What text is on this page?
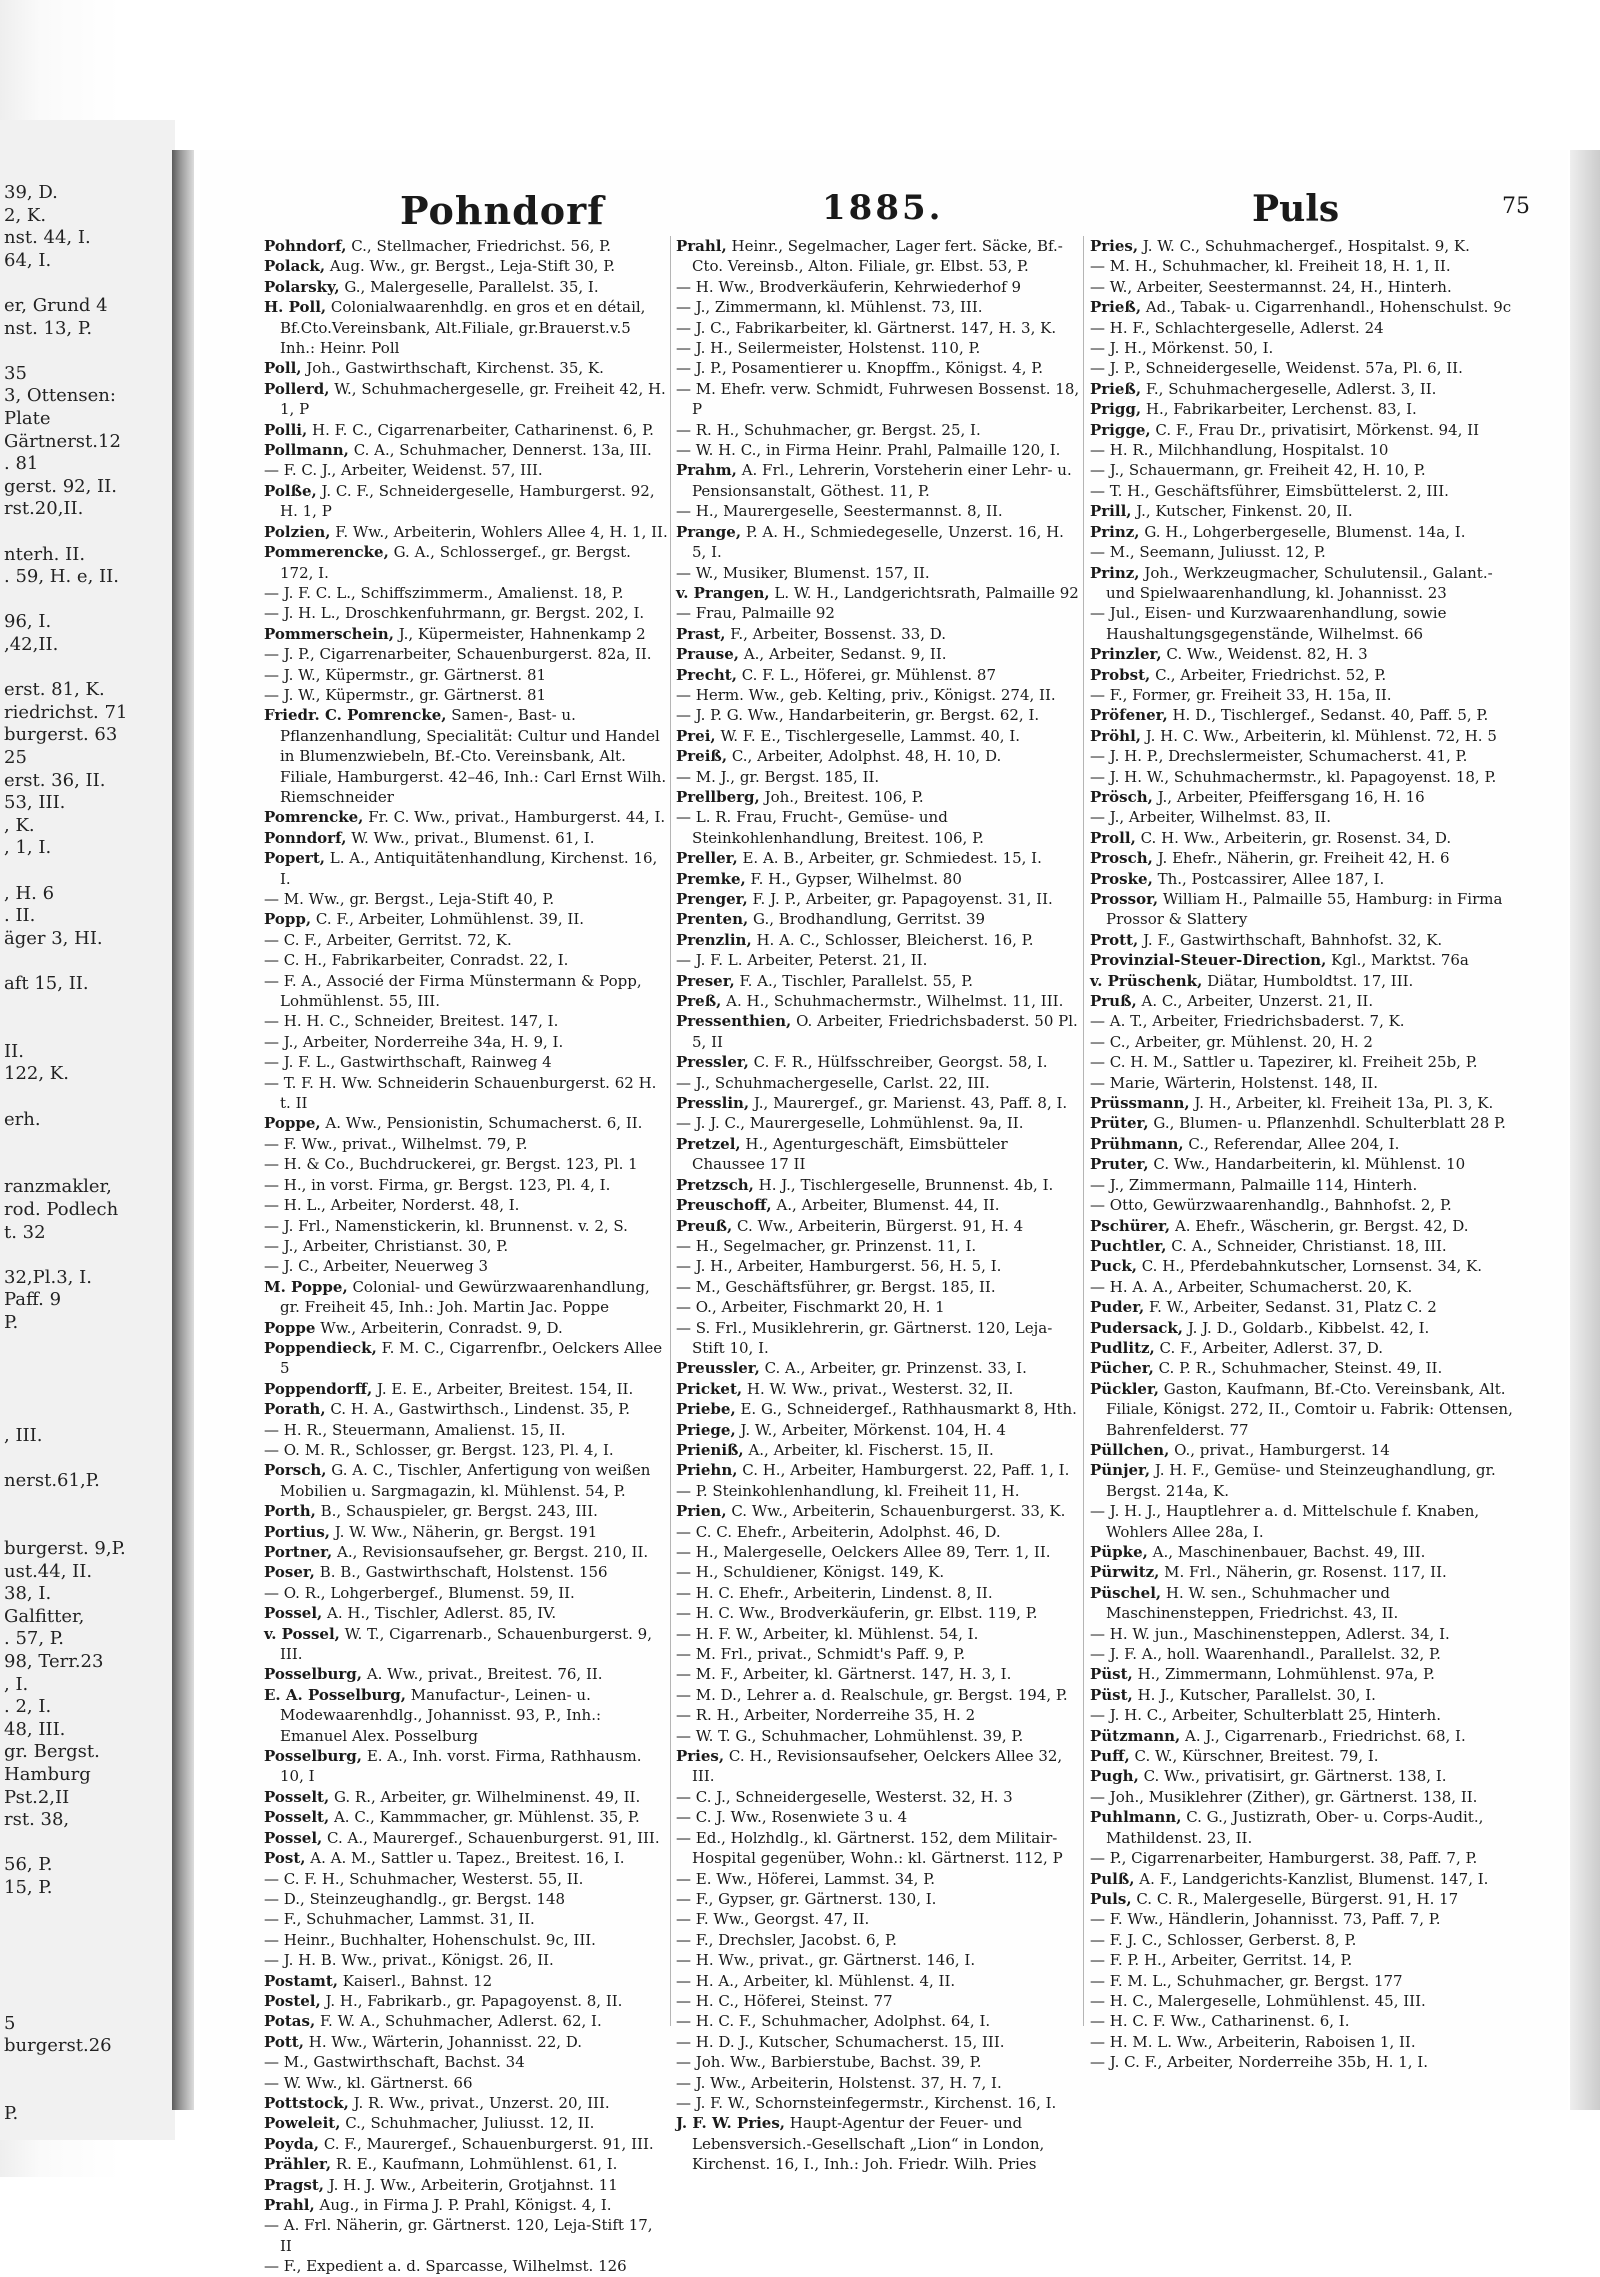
39, D.
2, K.
nst. 44, I.
64, I.
er, Grund 4
nst. 13, P.
35
3, Ottensen:
Plate
Gärtnerst.12
. 81
gerst. 92, II.
rst.20,II.
nterh. II.
. 59, H. e, II.
96, I.
,42,II.
erst. 81, K.
riedrichst. 71
burgerst. 63
25
erst. 36, II.
53, III.
, K.
, 1, I.
, H. 6
. II.
äger 3, HI.
aft 15, II.
II.
122, K.
erh.
ranzmakler,
rod. Podlech
t. 32
32,Pl.3, I.
Paff. 9
P.
, III.
nerst.61,P.
burgerst. 9,P.
ust.44, II.
38, I.
Galfitter,
. 57, P.
98, Terr.23
, I.
. 2, I.
48, III.
gr. Bergst.
Hamburg
Pst.2,II
rst. 38,
56, P.
15, P.
5
burgerst.26
P.
Pohndorf	1885.	Puls	75

Pohndorf, C., Stellmacher, Friedrichst. 56, P.

Polack, Aug. Ww., gr. Bergst., Leja-Stift 30, P.

Polarsky, G., Malergeselle, Parallelst. 35, I.

H. Poll, Colonialwaarenhdlg. en gros et en détail, Bf.Cto.Vereinsbank, Alt.Filiale, gr.Brauerst.v.5 Inh.: Heinr. Poll

Poll, Joh., Gastwirthschaft, Kirchenst. 35, K.

Pollerd, W., Schuhmachergeselle, gr. Freiheit 42, H. 1, P

Polli, H. F. C., Cigarrenarbeiter, Catharinenst. 6, P.

Pollmann, C. A., Schuhmacher, Dennerst. 13a, III.

— F. C. J., Arbeiter, Weidenst. 57, III.

Polße, J. C. F., Schneidergeselle, Hamburgerst. 92, H. 1, P

Polzien, F. Ww., Arbeiterin, Wohlers Allee 4, H. 1, II.

Pommerencke, G. A., Schlossergef., gr. Bergst. 172, I.

— J. F. C. L., Schiffszimmerm., Amalienst. 18, P.

— J. H. L., Droschkenfuhrmann, gr. Bergst. 202, I.

Pommerschein, J., Küpermeister, Hahnenkamp 2

— J. P., Cigarrenarbeiter, Schauenburgerst. 82a, II.

— J. W., Küpermstr., gr. Gärtnerst. 81

— J. W., Küpermstr., gr. Gärtnerst. 81

Friedr. C. Pomrencke, Samen-, Bast- u. Pflanzenhandlung, Specialität: Cultur und Handel in Blumenzwiebeln, Bf.-Cto. Vereinsbank, Alt. Filiale, Hamburgerst. 42–46, Inh.: Carl Ernst Wilh. Riemschneider

Pomrencke, Fr. C. Ww., privat., Hamburgerst. 44, I.

Ponndorf, W. Ww., privat., Blumenst. 61, I.

Popert, L. A., Antiquitätenhandlung, Kirchenst. 16, I.

— M. Ww., gr. Bergst., Leja-Stift 40, P.

Popp, C. F., Arbeiter, Lohmühlenst. 39, II.

— C. F., Arbeiter, Gerritst. 72, K.

— C. H., Fabrikarbeiter, Conradst. 22, I.

— F. A., Associé der Firma Münstermann & Popp, Lohmühlenst. 55, III.

— H. H. C., Schneider, Breitest. 147, I.

— J., Arbeiter, Norderreihe 34a, H. 9, I.

— J. F. L., Gastwirthschaft, Rainweg 4

— T. F. H. Ww. Schneiderin Schauenburgerst. 62 H. t. II

Poppe, A. Ww., Pensionistin, Schumacherst. 6, II.

— F. Ww., privat., Wilhelmst. 79, P.

— H. & Co., Buchdruckerei, gr. Bergst. 123, Pl. 1

— H., in vorst. Firma, gr. Bergst. 123, Pl. 4, I.

— H. L., Arbeiter, Norderst. 48, I.

— J. Frl., Namenstickerin, kl. Brunnenst. v. 2, S.

— J., Arbeiter, Christianst. 30, P.

— J. C., Arbeiter, Neuerweg 3

M. Poppe, Colonial- und Gewürzwaarenhandlung, gr. Freiheit 45, Inh.: Joh. Martin Jac. Poppe

Poppe Ww., Arbeiterin, Conradst. 9, D.

Poppendieck, F. M. C., Cigarrenfbr., Oelckers Allee 5

Poppendorff, J. E. E., Arbeiter, Breitest. 154, II.

Porath, C. H. A., Gastwirthsch., Lindenst. 35, P.

— H. R., Steuermann, Amalienst. 15, II.

— O. M. R., Schlosser, gr. Bergst. 123, Pl. 4, I.

Porsch, G. A. C., Tischler, Anfertigung von weißen Mobilien u. Sargmagazin, kl. Mühlenst. 54, P.

Porth, B., Schauspieler, gr. Bergst. 243, III.

Portius, J. W. Ww., Näherin, gr. Bergst. 191

Portner, A., Revisionsaufseher, gr. Bergst. 210, II.

Poser, B. B., Gastwirthschaft, Holstenst. 156

— O. R., Lohgerbergef., Blumenst. 59, II.

Possel, A. H., Tischler, Adlerst. 85, IV.

v. Possel, W. T., Cigarrenarb., Schauenburgerst. 9, III.

Posselburg, A. Ww., privat., Breitest. 76, II.

E. A. Posselburg, Manufactur-, Leinen- u. Modewaarenhdlg., Johannisst. 93, P., Inh.: Emanuel Alex. Posselburg

Posselburg, E. A., Inh. vorst. Firma, Rathhausm. 10, I

Posselt, G. R., Arbeiter, gr. Wilhelminenst. 49, II.

Posselt, A. C., Kammmacher, gr. Mühlenst. 35, P.

Possel, C. A., Maurergef., Schauenburgerst. 91, III.

Post, A. A. M., Sattler u. Tapez., Breitest. 16, I.

— C. F. H., Schuhmacher, Westerst. 55, II.

— D., Steinzeughandlg., gr. Bergst. 148

— F., Schuhmacher, Lammst. 31, II.

— Heinr., Buchhalter, Hohenschulst. 9c, III.

— J. H. B. Ww., privat., Königst. 26, II.

Postamt, Kaiserl., Bahnst. 12

Postel, J. H., Fabrikarb., gr. Papagoyenst. 8, II.

Potas, F. W. A., Schuhmacher, Adlerst. 62, I.

Pott, H. Ww., Wärterin, Johannisst. 22, D.

— M., Gastwirthschaft, Bachst. 34

— W. Ww., kl. Gärtnerst. 66

Pottstock, J. R. Ww., privat., Unzerst. 20, III.

Poweleit, C., Schuhmacher, Juliusst. 12, II.

Poyda, C. F., Maurergef., Schauenburgerst. 91, III.

Prähler, R. E., Kaufmann, Lohmühlenst. 61, I.

Pragst, J. H. J. Ww., Arbeiterin, Grotjahnst. 11

Prahl, Aug., in Firma J. P. Prahl, Königst. 4, I.

— A. Frl. Näherin, gr. Gärtnerst. 120, Leja-Stift 17, II

— F., Expedient a. d. Sparcasse, Wilhelmst. 126

Prahl, Heinr., Segelmacher, Lager fert. Säcke, Bf.-Cto. Vereinsb., Alton. Filiale, gr. Elbst. 53, P.

— H. Ww., Brodverkäuferin, Kehrwiederhof 9

— J., Zimmermann, kl. Mühlenst. 73, III.

— J. C., Fabrikarbeiter, kl. Gärtnerst. 147, H. 3, K.

— J. H., Seilermeister, Holstenst. 110, P.

— J. P., Posamentierer u. Knopffm., Königst. 4, P.

— M. Ehefr. verw. Schmidt, Fuhrwesen Bossenst. 18, P

— R. H., Schuhmacher, gr. Bergst. 25, I.

— W. H. C., in Firma Heinr. Prahl, Palmaille 120, I.

Prahm, A. Frl., Lehrerin, Vorsteherin einer Lehr- u. Pensionsanstalt, Göthest. 11, P.

— H., Maurergeselle, Seestermannst. 8, II.

Prange, P. A. H., Schmiedegeselle, Unzerst. 16, H. 5, I.

— W., Musiker, Blumenst. 157, II.

v. Prangen, L. W. H., Landgerichtsrath, Palmaille 92

— Frau, Palmaille 92

Prast, F., Arbeiter, Bossenst. 33, D.

Prause, A., Arbeiter, Sedanst. 9, II.

Precht, C. F. L., Höferei, gr. Mühlenst. 87

— Herm. Ww., geb. Kelting, priv., Königst. 274, II.

— J. P. G. Ww., Handarbeiterin, gr. Bergst. 62, I.

Prei, W. F. E., Tischlergeselle, Lammst. 40, I.

Preiß, C., Arbeiter, Adolphst. 48, H. 10, D.

— M. J., gr. Bergst. 185, II.

Prellberg, Joh., Breitest. 106, P.

— L. R. Frau, Frucht-, Gemüse- und Steinkohlenhandlung, Breitest. 106, P.

Preller, E. A. B., Arbeiter, gr. Schmiedest. 15, I.

Premke, F. H., Gypser, Wilhelmst. 80

Prenger, F. J. P., Arbeiter, gr. Papagoyenst. 31, II.

Prenten, G., Brodhandlung, Gerritst. 39

Prenzlin, H. A. C., Schlosser, Bleicherst. 16, P.

— J. F. L. Arbeiter, Peterst. 21, II.

Preser, F. A., Tischler, Parallelst. 55, P.

Preß, A. H., Schuhmachermstr., Wilhelmst. 11, III.

Pressenthien, O. Arbeiter, Friedrichsbaderst. 50 Pl. 5, II

Pressler, C. F. R., Hülfsschreiber, Georgst. 58, I.

— J., Schuhmachergeselle, Carlst. 22, III.

Presslin, J., Maurergef., gr. Marienst. 43, Paff. 8, I.

— J. J. C., Maurergeselle, Lohmühlenst. 9a, II.

Pretzel, H., Agenturgeschäft, Eimsbütteler Chaussee 17 II

Pretzsch, H. J., Tischlergeselle, Brunnenst. 4b, I.

Preuschoff, A., Arbeiter, Blumenst. 44, II.

Preuß, C. Ww., Arbeiterin, Bürgerst. 91, H. 4

— H., Segelmacher, gr. Prinzenst. 11, I.

— J. H., Arbeiter, Hamburgerst. 56, H. 5, I.

— M., Geschäftsführer, gr. Bergst. 185, II.

— O., Arbeiter, Fischmarkt 20, H. 1

— S. Frl., Musiklehrerin, gr. Gärtnerst. 120, Leja-Stift 10, I.

Preussler, C. A., Arbeiter, gr. Prinzenst. 33, I.

Pricket, H. W. Ww., privat., Westerst. 32, II.

Priebe, E. G., Schneidergef., Rathhausmarkt 8, Hth.

Priege, J. W., Arbeiter, Mörkenst. 104, H. 4

Prieniß, A., Arbeiter, kl. Fischerst. 15, II.

Priehn, C. H., Arbeiter, Hamburgerst. 22, Paff. 1, I.

— P. Steinkohlenhandlung, kl. Freiheit 11, H.

Prien, C. Ww., Arbeiterin, Schauenburgerst. 33, K.

— C. C. Ehefr., Arbeiterin, Adolphst. 46, D.

— H., Malergeselle, Oelckers Allee 89, Terr. 1, II.

— H., Schuldiener, Königst. 149, K.

— H. C. Ehefr., Arbeiterin, Lindenst. 8, II.

— H. C. Ww., Brodverkäuferin, gr. Elbst. 119, P.

— H. F. W., Arbeiter, kl. Mühlenst. 54, I.

— M. Frl., privat., Schmidt's Paff. 9, P.

— M. F., Arbeiter, kl. Gärtnerst. 147, H. 3, I.

— M. D., Lehrer a. d. Realschule, gr. Bergst. 194, P.

— R. H., Arbeiter, Norderreihe 35, H. 2

— W. T. G., Schuhmacher, Lohmühlenst. 39, P.

Pries, C. H., Revisionsaufseher, Oelckers Allee 32, III.

— C. J., Schneidergeselle, Westerst. 32, H. 3

— C. J. Ww., Rosenwiete 3 u. 4

— Ed., Holzhdlg., kl. Gärtnerst. 152, dem Militair-Hospital gegenüber, Wohn.: kl. Gärtnerst. 112, P

— E. Ww., Höferei, Lammst. 34, P.

— F., Gypser, gr. Gärtnerst. 130, I.

— F. Ww., Georgst. 47, II.

— F., Drechsler, Jacobst. 6, P.

— H. Ww., privat., gr. Gärtnerst. 146, I.

— H. A., Arbeiter, kl. Mühlenst. 4, II.

— H. C., Höferei, Steinst. 77

— H. C. F., Schuhmacher, Adolphst. 64, I.

— H. D. J., Kutscher, Schumacherst. 15, III.

— Joh. Ww., Barbierstube, Bachst. 39, P.

— J. Ww., Arbeiterin, Holstenst. 37, H. 7, I.

— J. F. W., Schornsteinfegermstr., Kirchenst. 16, I.

J. F. W. Pries, Haupt-Agentur der Feuer- und Lebensversich.-Gesellschaft „Lion“ in London, Kirchenst. 16, I., Inh.: Joh. Friedr. Wilh. Pries

Pries, J. W. C., Schuhmachergef., Hospitalst. 9, K.

— M. H., Schuhmacher, kl. Freiheit 18, H. 1, II.

— W., Arbeiter, Seestermannst. 24, H., Hinterh.

Prieß, Ad., Tabak- u. Cigarrenhandl., Hohenschulst. 9c

— H. F., Schlachtergeselle, Adlerst. 24

— J. H., Mörkenst. 50, I.

— J. P., Schneidergeselle, Weidenst. 57a, Pl. 6, II.

Prieß, F., Schuhmachergeselle, Adlerst. 3, II.

Prigg, H., Fabrikarbeiter, Lerchenst. 83, I.

Prigge, C. F., Frau Dr., privatisirt, Mörkenst. 94, II

— H. R., Milchhandlung, Hospitalst. 10

— J., Schauermann, gr. Freiheit 42, H. 10, P.

— T. H., Geschäftsführer, Eimsbüttelerst. 2, III.

Prill, J., Kutscher, Finkenst. 20, II.

Prinz, G. H., Lohgerbergeselle, Blumenst. 14a, I.

— M., Seemann, Juliusst. 12, P.

Prinz, Joh., Werkzeugmacher, Schulutensil., Galant.- und Spielwaarenhandlung, kl. Johannisst. 23

— Jul., Eisen- und Kurzwaarenhandlung, sowie Haushaltungsgegenstände, Wilhelmst. 66

Prinzler, C. Ww., Weidenst. 82, H. 3

Probst, C., Arbeiter, Friedrichst. 52, P.

— F., Former, gr. Freiheit 33, H. 15a, II.

Pröfener, H. D., Tischlergef., Sedanst. 40, Paff. 5, P.

Pröhl, J. H. C. Ww., Arbeiterin, kl. Mühlenst. 72, H. 5

— J. H. P., Drechslermeister, Schumacherst. 41, P.

— J. H. W., Schuhmachermstr., kl. Papagoyenst. 18, P.

Prösch, J., Arbeiter, Pfeiffersgang 16, H. 16

— J., Arbeiter, Wilhelmst. 83, II.

Proll, C. H. Ww., Arbeiterin, gr. Rosenst. 34, D.

Prosch, J. Ehefr., Näherin, gr. Freiheit 42, H. 6

Proske, Th., Postcassirer, Allee 187, I.

Prossor, William H., Palmaille 55, Hamburg: in Firma Prossor & Slattery

Prott, J. F., Gastwirthschaft, Bahnhofst. 32, K.

Provinzial-Steuer-Direction, Kgl., Marktst. 76a

v. Prüschenk, Diätar, Humboldtst. 17, III.

Pruß, A. C., Arbeiter, Unzerst. 21, II.

— A. T., Arbeiter, Friedrichsbaderst. 7, K.

— C., Arbeiter, gr. Mühlenst. 20, H. 2

— C. H. M., Sattler u. Tapezirer, kl. Freiheit 25b, P.

— Marie, Wärterin, Holstenst. 148, II.

Prüssmann, J. H., Arbeiter, kl. Freiheit 13a, Pl. 3, K.

Prüter, G., Blumen- u. Pflanzenhdl. Schulterblatt 28 P.

Prühmann, C., Referendar, Allee 204, I.

Pruter, C. Ww., Handarbeiterin, kl. Mühlenst. 10

— J., Zimmermann, Palmaille 114, Hinterh.

— Otto, Gewürzwaarenhandlg., Bahnhofst. 2, P.

Pschürer, A. Ehefr., Wäscherin, gr. Bergst. 42, D.

Puchtler, C. A., Schneider, Christianst. 18, III.

Puck, C. H., Pferdebahnkutscher, Lornsenst. 34, K.

— H. A. A., Arbeiter, Schumacherst. 20, K.

Puder, F. W., Arbeiter, Sedanst. 31, Platz C. 2

Pudersack, J. J. D., Goldarb., Kibbelst. 42, I.

Pudlitz, C. F., Arbeiter, Adlerst. 37, D.

Pücher, C. P. R., Schuhmacher, Steinst. 49, II.

Pückler, Gaston, Kaufmann, Bf.-Cto. Vereinsbank, Alt. Filiale, Königst. 272, II., Comtoir u. Fabrik: Ottensen, Bahrenfelderst. 77

Püllchen, O., privat., Hamburgerst. 14

Pünjer, J. H. F., Gemüse- und Steinzeughandlung, gr. Bergst. 214a, K.

— J. H. J., Hauptlehrer a. d. Mittelschule f. Knaben, Wohlers Allee 28a, I.

Püpke, A., Maschinenbauer, Bachst. 49, III.

Pürwitz, M. Frl., Näherin, gr. Rosenst. 117, II.

Püschel, H. W. sen., Schuhmacher und Maschinensteppen, Friedrichst. 43, II.

— H. W. jun., Maschinensteppen, Adlerst. 34, I.

— J. F. A., holl. Waarenhandl., Parallelst. 32, P.

Püst, H., Zimmermann, Lohmühlenst. 97a, P.

Püst, H. J., Kutscher, Parallelst. 30, I.

— J. H. C., Arbeiter, Schulterblatt 25, Hinterh.

Pützmann, A. J., Cigarrenarb., Friedrichst. 68, I.

Puff, C. W., Kürschner, Breitest. 79, I.

Pugh, C. Ww., privatisirt, gr. Gärtnerst. 138, I.

— Joh., Musiklehrer (Zither), gr. Gärtnerst. 138, II.

Puhlmann, C. G., Justizrath, Ober- u. Corps-Audit., Mathildenst. 23, II.

— P., Cigarrenarbeiter, Hamburgerst. 38, Paff. 7, P.

Pulß, A. F., Landgerichts-Kanzlist, Blumenst. 147, I.

Puls, C. C. R., Malergeselle, Bürgerst. 91, H. 17

— F. Ww., Händlerin, Johannisst. 73, Paff. 7, P.

— F. J. C., Schlosser, Gerberst. 8, P.

— F. P. H., Arbeiter, Gerritst. 14, P.

— F. M. L., Schuhmacher, gr. Bergst. 177

— H. C., Malergeselle, Lohmühlenst. 45, III.

— H. C. F. Ww., Catharinenst. 6, I.

— H. M. L. Ww., Arbeiterin, Raboisen 1, II.

— J. C. F., Arbeiter, Norderreihe 35b, H. 1, I.
